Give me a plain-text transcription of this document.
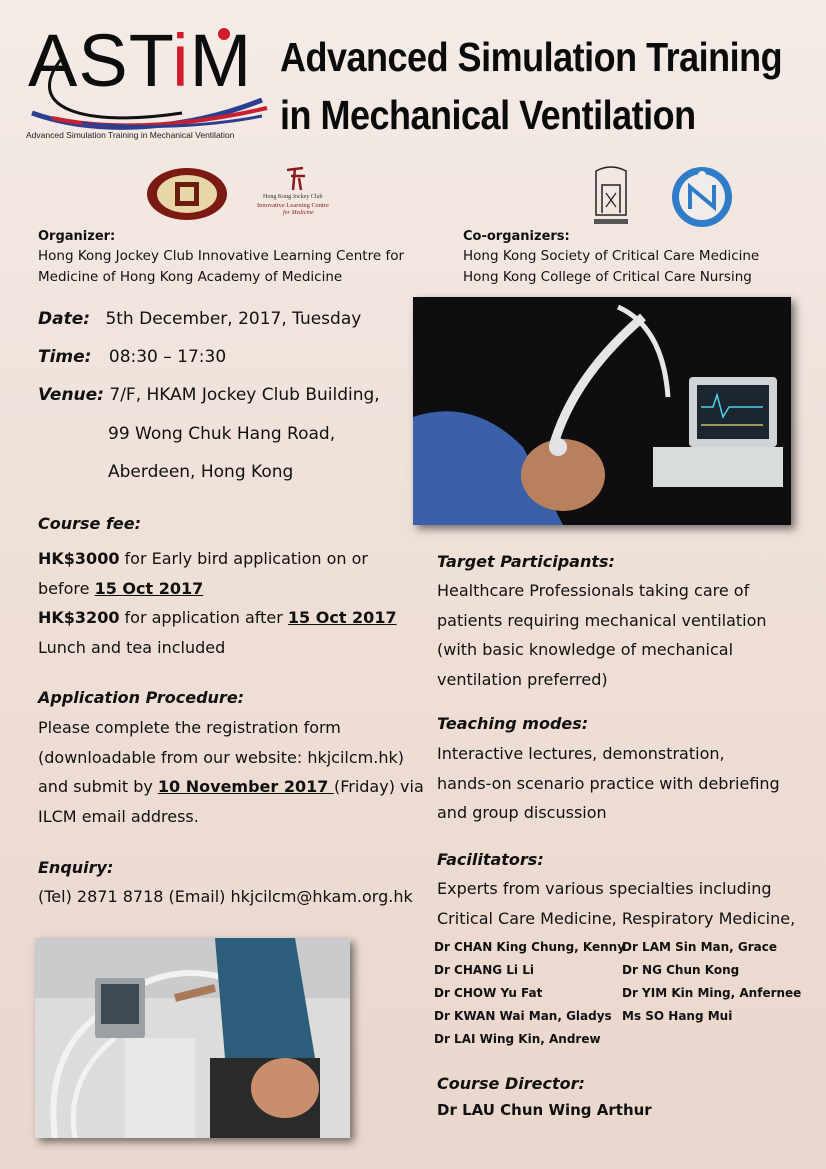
ASTiM
Advanced Simulation Training in Mechanical Ventilation
Advanced Simulation Training
in Mechanical Ventilation
Hong Kong Jockey Club
Innovative Learning Centre
for Medicine
Organizer:
Hong Kong Jockey Club Innovative Learning Centre for
Medicine of Hong Kong Academy of Medicine
Co-organizers:
Hong Kong Society of Critical Care Medicine
Hong Kong College of Critical Care Nursing
Date: 5th December, 2017, Tuesday
Time: 08:30 – 17:30
Venue: 7/F, HKAM Jockey Club Building,
99 Wong Chuk Hang Road,
Aberdeen, Hong Kong
Course fee:
HK$3000 for Early bird application on or
before 15 Oct 2017
HK$3200 for application after 15 Oct 2017
Lunch and tea included
Application Procedure:
Please complete the registration form
(downloadable from our website: hkjcilcm.hk)
and submit by 10 November 2017 (Friday) via
ILCM email address.
Enquiry:
(Tel) 2871 8718 (Email) hkjcilcm@hkam.org.hk
Target Participants:
Healthcare Professionals taking care of
patients requiring mechanical ventilation
(with basic knowledge of mechanical
ventilation preferred)
Teaching modes:
Interactive lectures, demonstration,
hands-on scenario practice with debriefing
and group discussion
Facilitators:
Experts from various specialties including
Critical Care Medicine, Respiratory Medicine,
Dr CHAN King Chung, Kenny
Dr CHANG Li Li
Dr CHOW Yu Fat
Dr KWAN Wai Man, Gladys
Dr LAI Wing Kin, Andrew
Dr LAM Sin Man, Grace
Dr NG Chun Kong
Dr YIM Kin Ming, Anfernee
Ms SO Hang Mui
Course Director:
Dr LAU Chun Wing Arthur
